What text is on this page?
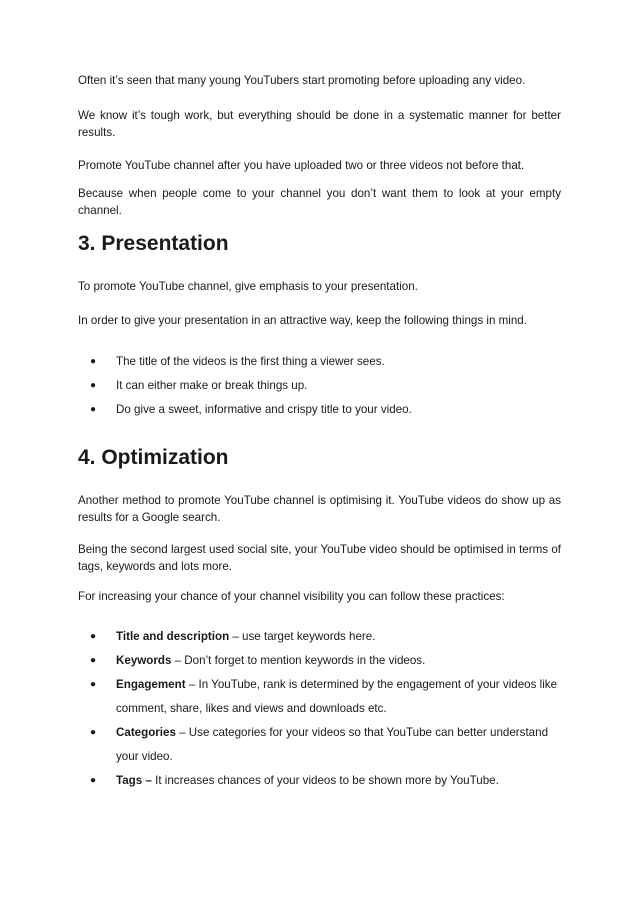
Often it’s seen that many young YouTubers start promoting before uploading any video.

We know it’s tough work, but everything should be done in a systematic manner for better results.

Promote YouTube channel after you have uploaded two or three videos not before that.

Because when people come to your channel you don’t want them to look at your empty channel.

3. Presentation

To promote YouTube channel, give emphasis to your presentation.

In order to give your presentation in an attractive way, keep the following things in mind.

● The title of the videos is the first thing a viewer sees.
● It can either make or break things up.
● Do give a sweet, informative and crispy title to your video.
4. Optimization

Another method to promote YouTube channel is optimising it. YouTube videos do show up as results for a Google search.

Being the second largest used social site, your YouTube video should be optimised in terms of tags, keywords and lots more.

For increasing your chance of your channel visibility you can follow these practices:

● Title and description – use target keywords here.
● Keywords – Don’t forget to mention keywords in the videos.
● Engagement – In YouTube, rank is determined by the engagement of your videos like comment, share, likes and views and downloads etc.
● Categories – Use categories for your videos so that YouTube can better understand your video.
● Tags – It increases chances of your videos to be shown more by YouTube.
